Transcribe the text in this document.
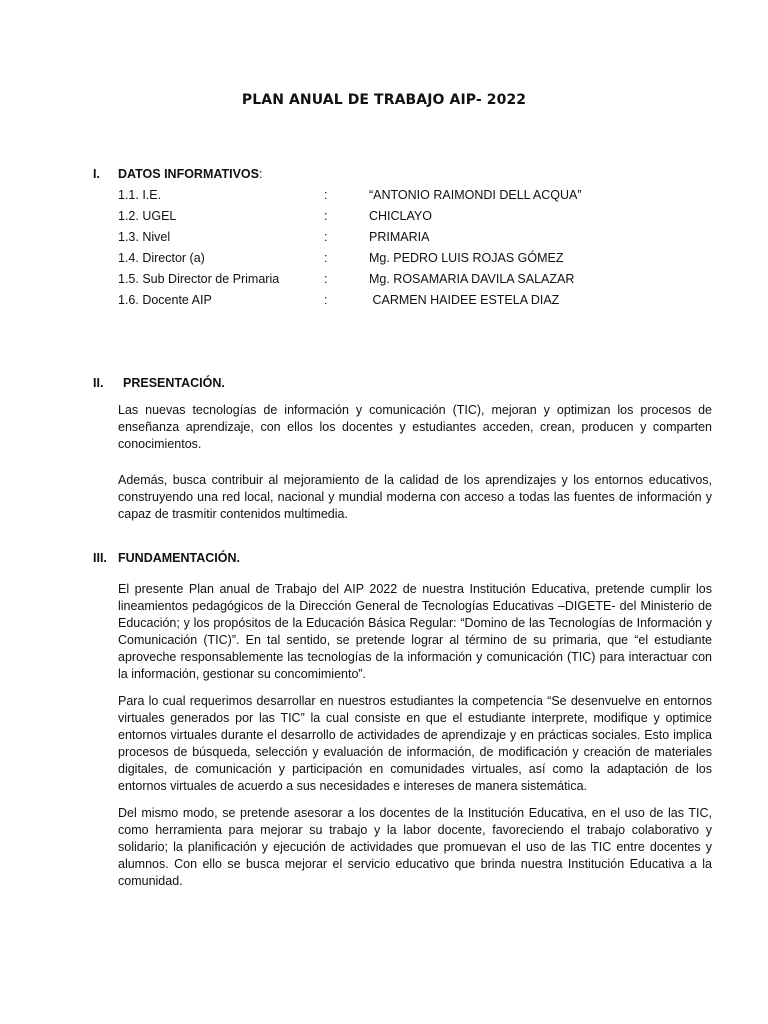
PLAN ANUAL DE TRABAJO AIP- 2022
I. DATOS INFORMATIVOS:
1.1. I.E.	:	“ANTONIO RAIMONDI DELL ACQUA”
1.2. UGEL	:	CHICLAYO
1.3. Nivel	:	PRIMARIA
1.4. Director (a)	:	Mg. PEDRO LUIS ROJAS GÓMEZ
1.5. Sub Director de Primaria	:	Mg. ROSAMARIA DAVILA SALAZAR
1.6. Docente AIP	:	CARMEN HAIDEE ESTELA DIAZ
II. PRESENTACIÓN.

Las nuevas tecnologías de información y comunicación (TIC), mejoran y optimizan los procesos de enseñanza aprendizaje, con ellos los docentes y estudiantes acceden, crean, producen y comparten conocimientos.

Además, busca contribuir al mejoramiento de la calidad de los aprendizajes y los entornos educativos, construyendo una red local, nacional y mundial moderna con acceso a todas las fuentes de información y capaz de trasmitir contenidos multimedia.

III. FUNDAMENTACIÓN.

El presente Plan anual de Trabajo del AIP 2022 de nuestra Institución Educativa, pretende cumplir los lineamientos pedagógicos de la Dirección General de Tecnologías Educativas –DIGETE- del Ministerio de Educación; y los propósitos de la Educación Básica Regular: “Domino de las Tecnologías de Información y Comunicación (TIC)”. En tal sentido, se pretende lograr al término de su primaria, que “el estudiante aproveche responsablemente las tecnologías de la información y comunicación (TIC) para interactuar con la información, gestionar su concomimiento”.

Para lo cual requerimos desarrollar en nuestros estudiantes la competencia “Se desenvuelve en entornos virtuales generados por las TIC” la cual consiste en que el estudiante interprete, modifique y optimice entornos virtuales durante el desarrollo de actividades de aprendizaje y en prácticas sociales. Esto implica procesos de búsqueda, selección y evaluación de información, de modificación y creación de materiales digitales, de comunicación y participación en comunidades virtuales, así como la adaptación de los entornos virtuales de acuerdo a sus necesidades e intereses de manera sistemática.

Del mismo modo, se pretende asesorar a los docentes de la Institución Educativa, en el uso de las TIC, como herramienta para mejorar su trabajo y la labor docente, favoreciendo el trabajo colaborativo y solidario; la planificación y ejecución de actividades que promuevan el uso de las TIC entre docentes y alumnos. Con ello se busca mejorar el servicio educativo que brinda nuestra Institución Educativa a la comunidad.
